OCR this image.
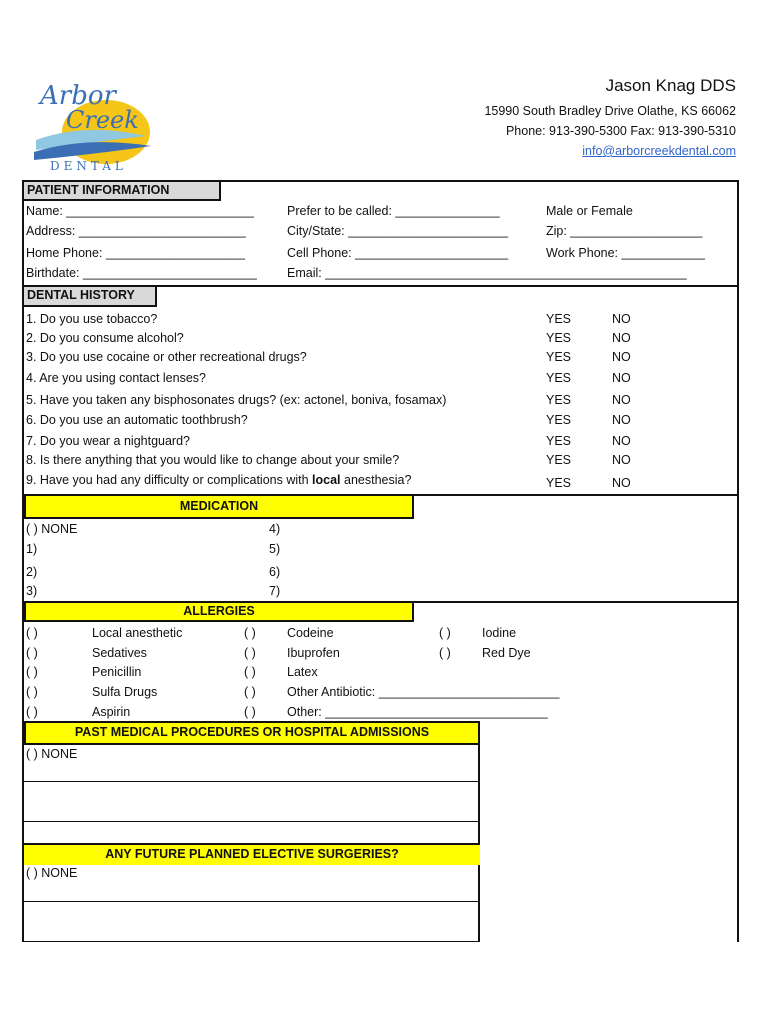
Arbor
Creek
DENTAL
Jason Knag DDS
15990 South Bradley Drive Olathe, KS 66062
Phone: 913-390-5300 Fax: 913-390-5310
info@arborcreekdental.com
PATIENT INFORMATION
Name: ___________________________
Address: ________________________
Home Phone: ____________________
Birthdate: _________________________
Prefer to be called: _______________
City/State: _______________________
Cell Phone: ______________________
Email: ____________________________________________________
Male or Female
Zip: ___________________
Work Phone: ____________
DENTAL HISTORY
1. Do you use tobacco?
2. Do you consume alcohol?
3. Do you use cocaine or other recreational drugs?
4. Are you using contact lenses?
5. Have you taken any bisphosonates drugs? (ex: actonel, boniva, fosamax)
6. Do you use an automatic toothbrush?
7. Do you wear a nightguard?
8. Is there anything that you would like to change about your smile?
9. Have you had any difficulty or complications with local anesthesia?
YES
YES
YES
YES
YES
YES
YES
YES
YES
NO
NO
NO
NO
NO
NO
NO
NO
NO
MEDICATION
( ) NONE
1)
2)
3)
4)
5)
6)
7)
ALLERGIES
( )
( )
( )
( )
( )
Local anesthetic
Sedatives
Penicillin
Sulfa Drugs
Aspirin
( )
( )
( )
( )
( )
Codeine
Ibuprofen
Latex
Other Antibiotic: __________________________
Other: ________________________________
( )
( )
Iodine
Red Dye
PAST MEDICAL PROCEDURES OR HOSPITAL ADMISSIONS
( ) NONE
ANY FUTURE PLANNED ELECTIVE SURGERIES?
( ) NONE
